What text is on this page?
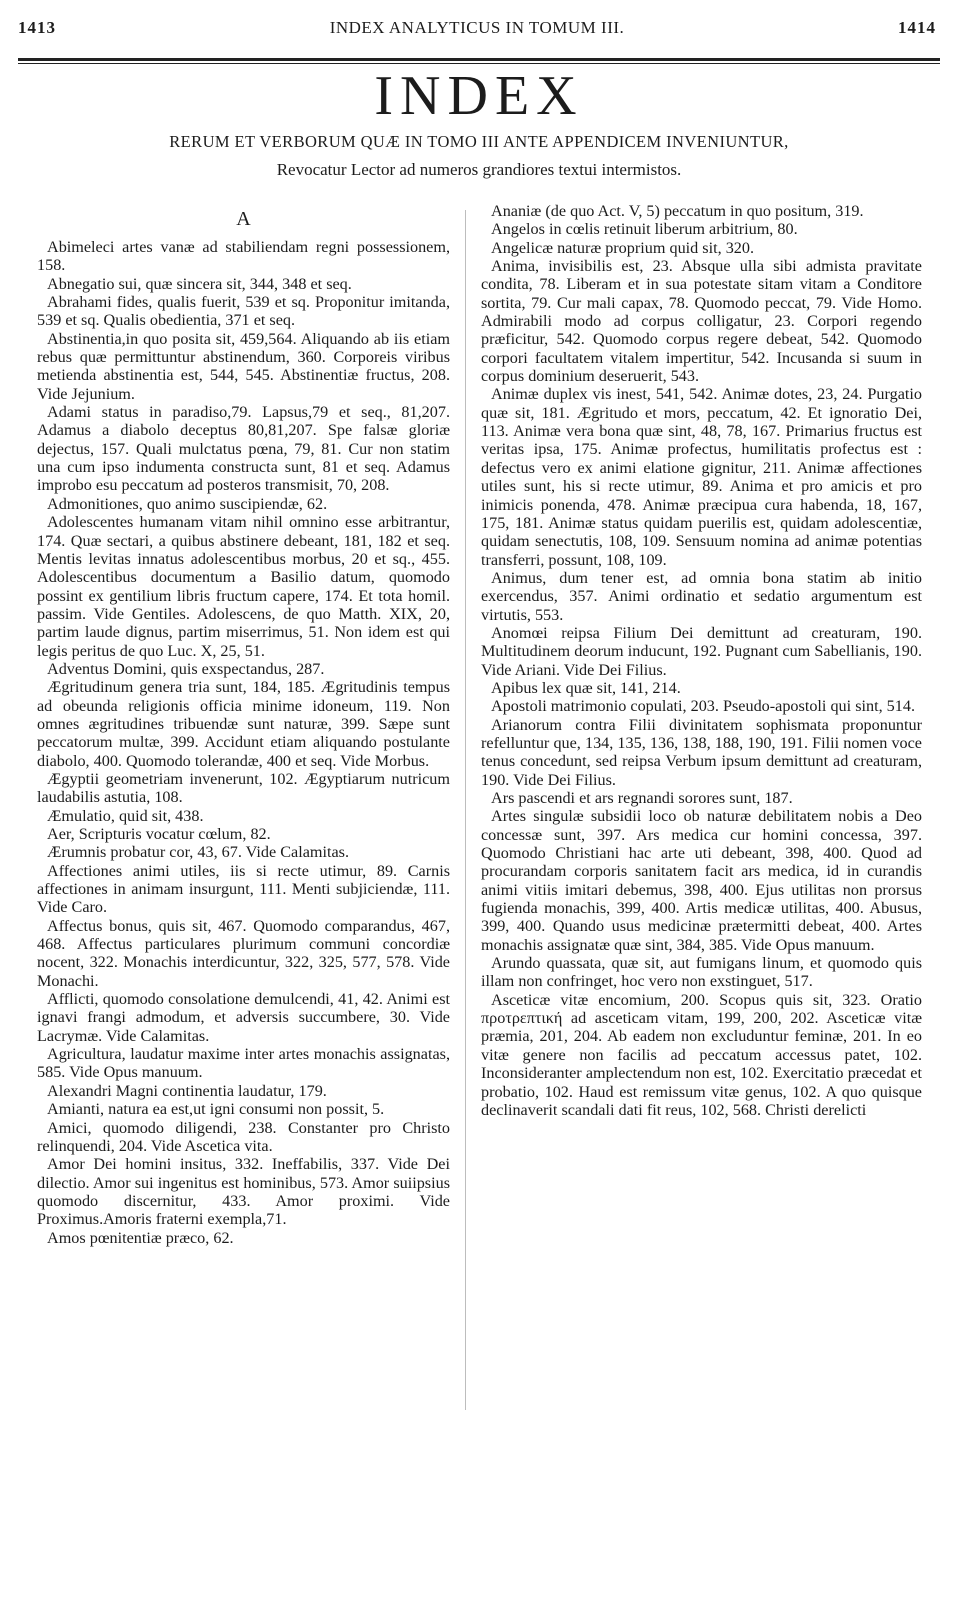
1413	INDEX ANALYTICUS IN TOMUM III.	1414
INDEX
RERUM ET VERBORUM QUÆ IN TOMO III ANTE APPENDICEM INVENIUNTUR,
Revocatur Lector ad numeros grandiores textui intermistos.
A

Abimeleci artes vanæ ad stabiliendam regni possessionem, 158.

Abnegatio sui, quæ sincera sit, 344, 348 et seq.

Abrahami fides, qualis fuerit, 539 et sq. Proponitur imitanda, 539 et sq. Qualis obedientia, 371 et seq.

Abstinentia,in quo posita sit, 459,564. Aliquando ab iis etiam rebus quæ permittuntur abstinendum, 360. Corporeis viribus metienda abstinentia est, 544, 545. Abstinentiæ fructus, 208. Vide Jejunium.

Adami status in paradiso,79. Lapsus,79 et seq., 81,207. Adamus a diabolo deceptus 80,81,207. Spe falsæ gloriæ dejectus, 157. Quali mulctatus pœna, 79, 81. Cur non statim una cum ipso indumenta constructa sunt, 81 et seq. Adamus improbo esu peccatum ad posteros transmisit, 70, 208.

Admonitiones, quo animo suscipiendæ, 62.

Adolescentes humanam vitam nihil omnino esse arbitrantur, 174. Quæ sectari, a quibus abstinere debeant, 181, 182 et seq. Mentis levitas innatus adolescentibus morbus, 20 et sq., 455. Adolescentibus documentum a Basilio datum, quomodo possint ex gentilium libris fructum capere, 174. Et tota homil. passim. Vide Gentiles. Adolescens, de quo Matth. XIX, 20, partim laude dignus, partim miserrimus, 51. Non idem est qui legis peritus de quo Luc. X, 25, 51.

Adventus Domini, quis exspectandus, 287.

Ægritudinum genera tria sunt, 184, 185. Ægritudinis tempus ad obeunda religionis officia minime idoneum, 119. Non omnes ægritudines tribuendæ sunt naturæ, 399. Sæpe sunt peccatorum multæ, 399. Accidunt etiam aliquando postulante diabolo, 400. Quomodo tolerandæ, 400 et seq. Vide Morbus.

Ægyptii geometriam invenerunt, 102. Ægyptiarum nutricum laudabilis astutia, 108.

Æmulatio, quid sit, 438.

Aer, Scripturis vocatur cœlum, 82.

Ærumnis probatur cor, 43, 67. Vide Calamitas.

Affectiones animi utiles, iis si recte utimur, 89. Carnis affectiones in animam insurgunt, 111. Menti subjiciendæ, 111. Vide Caro.

Affectus bonus, quis sit, 467. Quomodo comparandus, 467, 468. Affectus particulares plurimum communi concordiæ nocent, 322. Monachis interdicuntur, 322, 325, 577, 578. Vide Monachi.

Afflicti, quomodo consolatione demulcendi, 41, 42. Animi est ignavi frangi admodum, et adversis succumbere, 30. Vide Lacrymæ. Vide Calamitas.

Agricultura, laudatur maxime inter artes monachis assignatas, 585. Vide Opus manuum.

Alexandri Magni continentia laudatur, 179.

Amianti, natura ea est,ut igni consumi non possit, 5.

Amici, quomodo diligendi, 238. Constanter pro Christo relinquendi, 204. Vide Ascetica vita.

Amor Dei homini insitus, 332. Ineffabilis, 337. Vide Dei dilectio. Amor sui ingenitus est hominibus, 573. Amor suiipsius quomodo discernitur, 433. Amor proximi. Vide Proximus.Amoris fraterni exempla,71.

Amos pœnitentiæ præco, 62.

Ananiæ (de quo Act. V, 5) peccatum in quo positum, 319.

Angelos in cœlis retinuit liberum arbitrium, 80.

Angelicæ naturæ proprium quid sit, 320.

Anima, invisibilis est, 23. Absque ulla sibi admista pravitate condita, 78. Liberam et in sua potestate sitam vitam a Conditore sortita, 79. Cur mali capax, 78. Quomodo peccat, 79. Vide Homo. Admirabili modo ad corpus colligatur, 23. Corpori regendo præficitur, 542. Quomodo corpus regere debeat, 542. Quomodo corpori facultatem vitalem impertitur, 542. Incusanda si suum in corpus dominium deseruerit, 543.

Animæ duplex vis inest, 541, 542. Animæ dotes, 23, 24. Purgatio quæ sit, 181. Ægritudo et mors, peccatum, 42. Et ignoratio Dei, 113. Animæ vera bona quæ sint, 48, 78, 167. Primarius fructus est veritas ipsa, 175. Animæ profectus, humilitatis profectus est : defectus vero ex animi elatione gignitur, 211. Animæ affectiones utiles sunt, his si recte utimur, 89. Anima et pro amicis et pro inimicis ponenda, 478. Animæ præcipua cura habenda, 18, 167, 175, 181. Animæ status quidam puerilis est, quidam adolescentiæ, quidam senectutis, 108, 109. Sensuum nomina ad animæ potentias transferri, possunt, 108, 109.

Animus, dum tener est, ad omnia bona statim ab initio exercendus, 357. Animi ordinatio et sedatio argumentum est virtutis, 553.

Anomœi reipsa Filium Dei demittunt ad creaturam, 190. Multitudinem deorum inducunt, 192. Pugnant cum Sabellianis, 190. Vide Ariani. Vide Dei Filius.

Apibus lex quæ sit, 141, 214.

Apostoli matrimonio copulati, 203. Pseudo-apostoli qui sint, 514.

Arianorum contra Filii divinitatem sophismata proponuntur refelluntur que, 134, 135, 136, 138, 188, 190, 191. Filii nomen voce tenus concedunt, sed reipsa Verbum ipsum demittunt ad creaturam, 190. Vide Dei Filius.

Ars pascendi et ars regnandi sorores sunt, 187.

Artes singulæ subsidii loco ob naturæ debilitatem nobis a Deo concessæ sunt, 397. Ars medica cur homini concessa, 397. Quomodo Christiani hac arte uti debeant, 398, 400. Quod ad procurandam corporis sanitatem facit ars medica, id in curandis animi vitiis imitari debemus, 398, 400. Ejus utilitas non prorsus fugienda monachis, 399, 400. Artis medicæ utilitas, 400. Abusus, 399, 400. Quando usus medicinæ prætermitti debeat, 400. Artes monachis assignatæ quæ sint, 384, 385. Vide Opus manuum.

Arundo quassata, quæ sit, aut fumigans linum, et quomodo quis illam non confringet, hoc vero non exstinguet, 517.

Asceticæ vitæ encomium, 200. Scopus quis sit, 323. Oratio προτρεπτική ad asceticam vitam, 199, 200, 202. Asceticæ vitæ præmia, 201, 204. Ab eadem non excluduntur feminæ, 201. In eo vitæ genere non facilis ad peccatum accessus patet, 102. Inconsideranter amplectendum non est, 102. Exercitatio præcedat et probatio, 102. Haud est remissum vitæ genus, 102. A quo quisque declinaverit scandali dati fit reus, 102, 568. Christi derelicti
